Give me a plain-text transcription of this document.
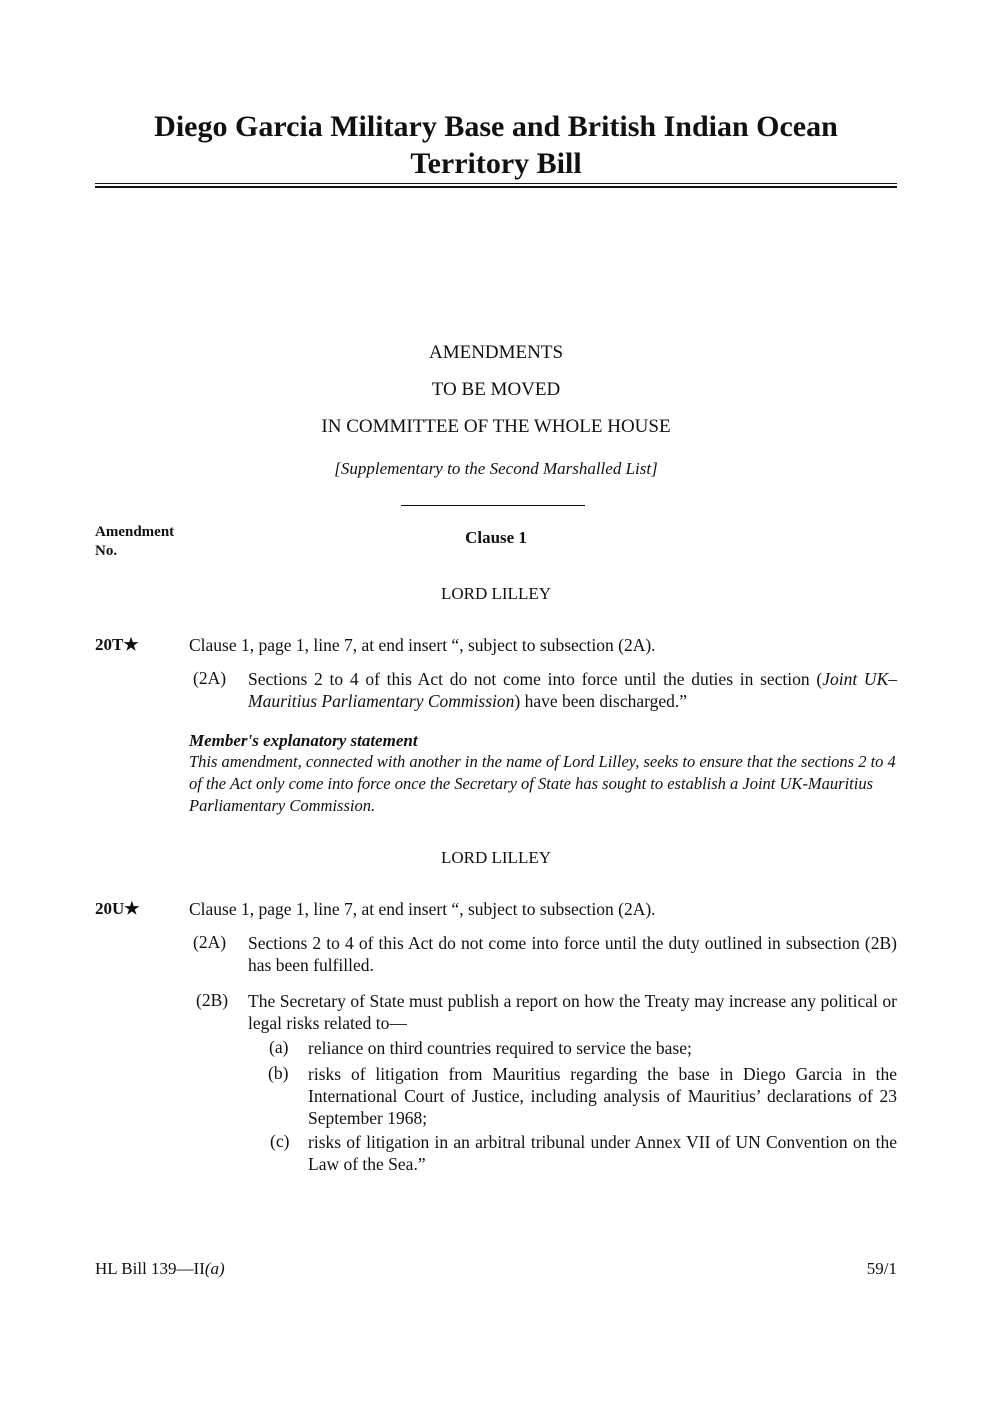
Diego Garcia Military Base and British Indian Ocean Territory Bill
AMENDMENTS
TO BE MOVED
IN COMMITTEE OF THE WHOLE HOUSE
[Supplementary to the Second Marshalled List]
Amendment
No.
Clause 1
LORD LILLEY
20T★	Clause 1, page 1, line 7, at end insert “, subject to subsection (2A).
(2A) Sections 2 to 4 of this Act do not come into force until the duties in section (Joint UK–Mauritius Parliamentary Commission) have been discharged.”
Member's explanatory statement
This amendment, connected with another in the name of Lord Lilley, seeks to ensure that the sections 2 to 4 of the Act only come into force once the Secretary of State has sought to establish a Joint UK-Mauritius Parliamentary Commission.
LORD LILLEY
20U★	Clause 1, page 1, line 7, at end insert “, subject to subsection (2A).
(2A) Sections 2 to 4 of this Act do not come into force until the duty outlined in subsection (2B) has been fulfilled.
(2B) The Secretary of State must publish a report on how the Treaty may increase any political or legal risks related to—
(a) reliance on third countries required to service the base;
(b) risks of litigation from Mauritius regarding the base in Diego Garcia in the International Court of Justice, including analysis of Mauritius’ declarations of 23 September 1968;
(c) risks of litigation in an arbitral tribunal under Annex VII of UN Convention on the Law of the Sea.”
HL Bill 139—II(a)	59/1
